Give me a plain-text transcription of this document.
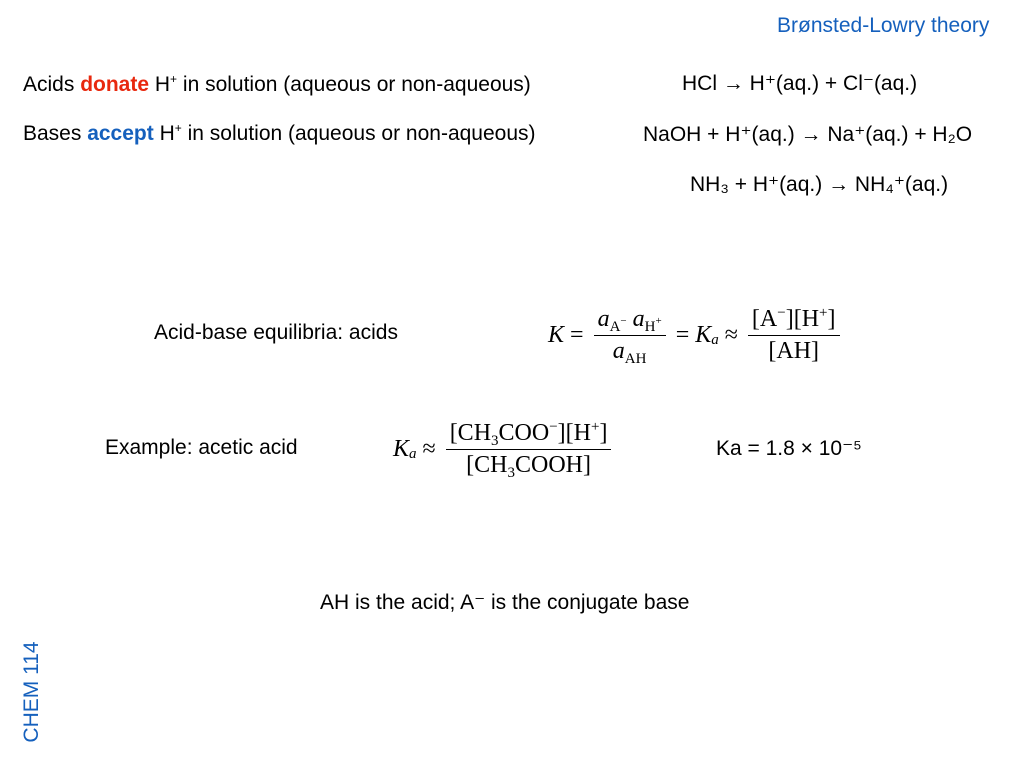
Brønsted-Lowry theory
Acids donate H+ in solution (aqueous or non-aqueous)
Bases accept H+ in solution (aqueous or non-aqueous)
HCl → H⁺(aq.) + Cl⁻(aq.)
NaOH + H⁺(aq.) → Na⁺(aq.) + H₂O
NH₃ + H⁺(aq.) → NH₄⁺(aq.)
Acid-base equilibria: acids	$K = \frac{a_{A^-} a_{H^+}}{a_{AH}} = K$ $a \approx \frac{[A^-][H^+]}{[AH]}$
Example: acetic acid	K $a \approx \frac{[CH_3COO^-][H^+]}{[CH_3COOH]}$	Ka = 1.8 × 10⁻⁵
AH is the acid; A⁻ is the conjugate base
CHEM 114
